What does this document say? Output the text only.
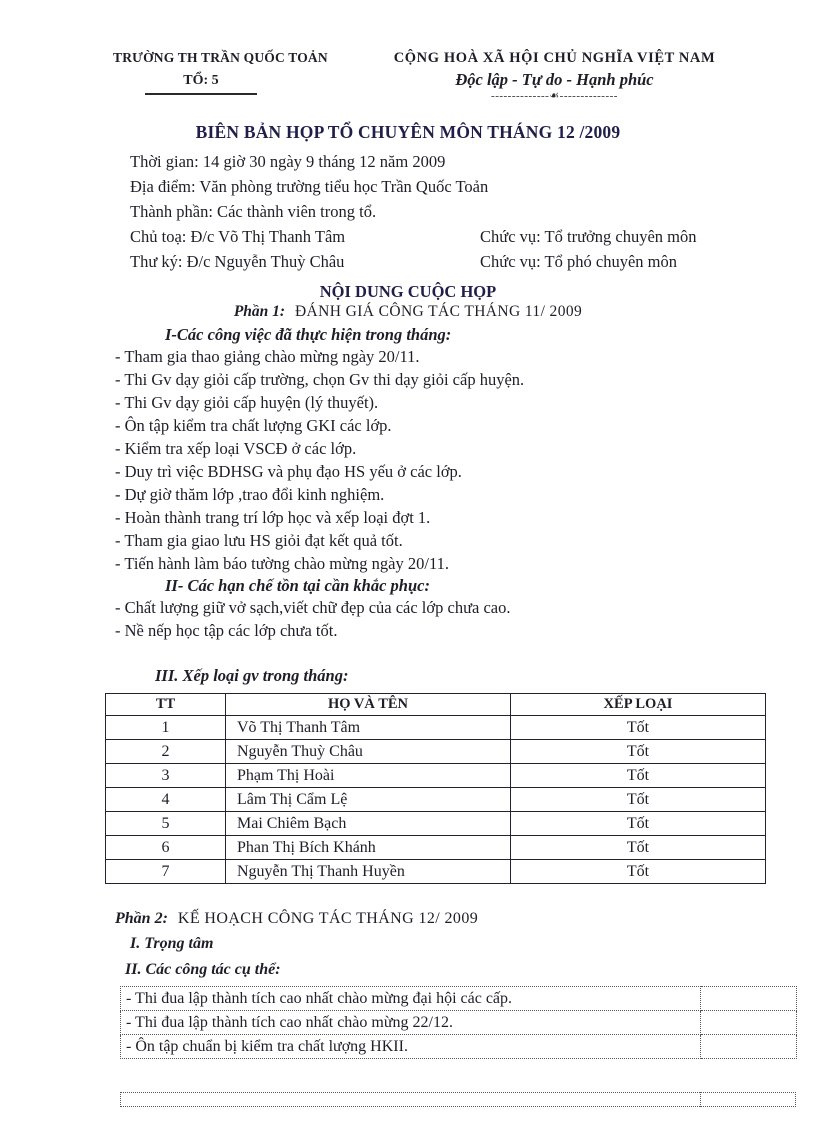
TRƯỜNG TH TRẦN QUỐC TOẢN
TỔ: 5
CỘNG HOÀ XÃ HỘI CHỦ NGHĨA VIỆT NAM
Độc lập - Tự do - Hạnh phúc
--------------☙--------------
BIÊN BẢN HỌP TỔ CHUYÊN MÔN THÁNG 12 /2009
Thời gian: 14 giờ 30 ngày 9 tháng 12 năm 2009
Địa điểm: Văn phòng trường tiểu học Trần Quốc Toản
Thành phần: Các thành viên trong tổ.
Chủ toạ: Đ/c Võ Thị Thanh Tâm	Chức vụ: Tổ trưởng chuyên môn
Thư ký: Đ/c Nguyễn Thuỳ Châu	Chức vụ: Tổ phó chuyên môn
NỘI DUNG CUỘC HỌP
Phần 1: ĐÁNH GIÁ CÔNG TÁC THÁNG 11/ 2009
I-Các công việc đã thực hiện trong tháng:
- Tham gia thao giảng chào mừng ngày 20/11.
- Thi Gv dạy giỏi cấp trường, chọn Gv thi dạy giỏi cấp huyện.
- Thi Gv dạy giỏi cấp huyện (lý thuyết).
- Ôn tập kiểm tra chất lượng GKI các lớp.
- Kiểm tra xếp loại VSCĐ ở các lớp.
- Duy trì việc BDHSG và phụ đạo HS yếu ở các lớp.
- Dự giờ thăm lớp ,trao đổi kinh nghiệm.
- Hoàn thành trang trí lớp học và xếp loại đợt 1.
- Tham gia giao lưu HS giỏi đạt kết quả tốt.
- Tiến hành làm báo tường chào mừng ngày 20/11.
II- Các hạn chế tồn tại cần khắc phục:
- Chất lượng giữ vở sạch,viết chữ đẹp của các lớp chưa cao.
- Nề nếp học tập các lớp chưa tốt.
III. Xếp loại gv trong tháng:
TT	HỌ VÀ TÊN	XẾP LOẠI
1	Võ Thị Thanh Tâm	Tốt
2	Nguyễn Thuỳ Châu	Tốt
3	Phạm Thị Hoài	Tốt
4	Lâm Thị Cẩm Lệ	Tốt
5	Mai Chiêm Bạch	Tốt
6	Phan Thị Bích Khánh	Tốt
7	Nguyễn Thị Thanh Huyền	Tốt
Phần 2: KẾ HOẠCH CÔNG TÁC THÁNG 12/ 2009
I. Trọng tâm
II. Các công tác cụ thể:
- Thi đua lập thành tích cao nhất chào mừng đại hội các cấp.	
- Thi đua lập thành tích cao nhất chào mừng 22/12.	
- Ôn tập chuẩn bị kiểm tra chất lượng HKII.	
